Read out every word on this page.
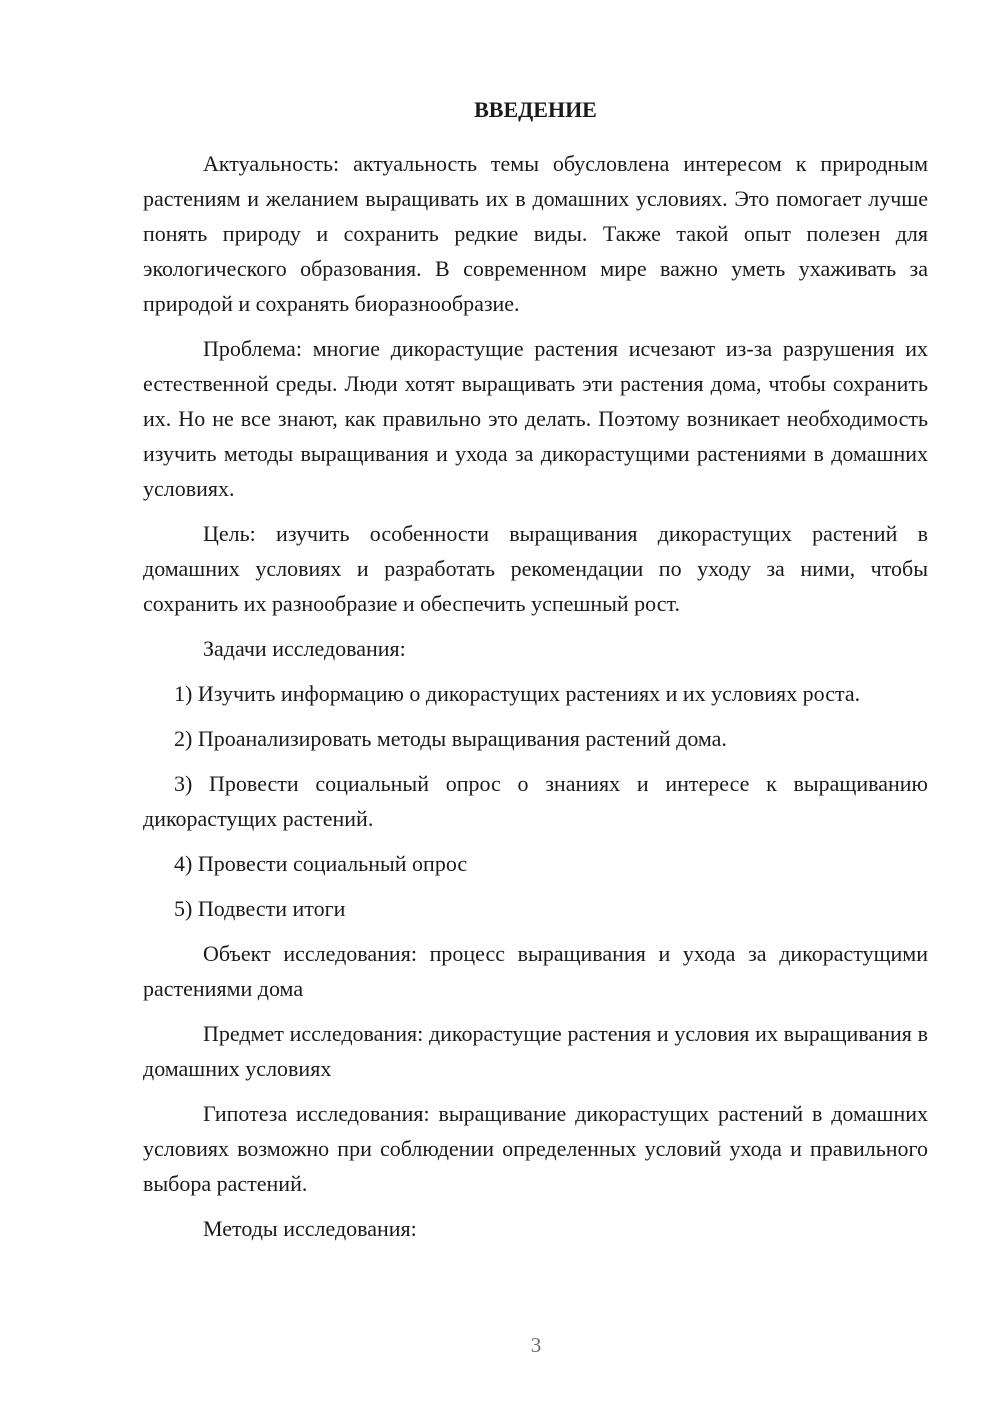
ВВЕДЕНИЕ

Актуальность: актуальность темы обусловлена интересом к природным растениям и желанием выращивать их в домашних условиях. Это помогает лучше понять природу и сохранить редкие виды. Также такой опыт полезен для экологического образования. В современном мире важно уметь ухаживать за природой и сохранять биоразнообразие.

Проблема: многие дикорастущие растения исчезают из-за разрушения их естественной среды. Люди хотят выращивать эти растения дома, чтобы сохранить их. Но не все знают, как правильно это делать. Поэтому возникает необходимость изучить методы выращивания и ухода за дикорастущими растениями в домашних условиях.

Цель: изучить особенности выращивания дикорастущих растений в домашних условиях и разработать рекомендации по уходу за ними, чтобы сохранить их разнообразие и обеспечить успешный рост.

Задачи исследования:

1) Изучить информацию о дикорастущих растениях и их условиях роста.

2) Проанализировать методы выращивания растений дома.

3) Провести социальный опрос о знаниях и интересе к выращиванию дикорастущих растений.

4) Провести социальный опрос

5) Подвести итоги

Объект исследования: процесс выращивания и ухода за дикорастущими растениями дома

Предмет исследования: дикорастущие растения и условия их выращивания в домашних условиях

Гипотеза исследования: выращивание дикорастущих растений в домашних условиях возможно при соблюдении определенных условий ухода и правильного выбора растений.

Методы исследования:

3
